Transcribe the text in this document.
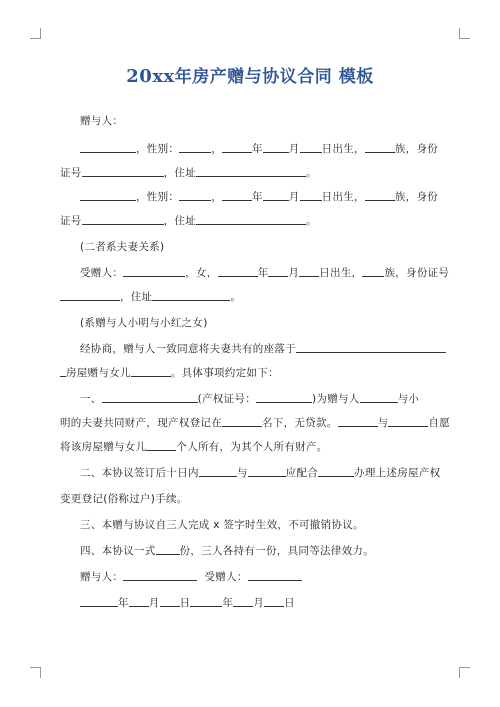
20xx年房产赠与协议合同 模板
赠与人：
，性别：	，	年 月 日出生，	族，身份
证号	，住址	。
，性别：	，	年 月 日出生，	族，身份
证号	，住址	。
(二者系夫妻关系)
受赠人：	，女，	年 月 日出生， 族，身份证号
，住址	。
(系赠与人小明与小红之女)
经协商，赠与人一致同意将夫妻共有的座落于
房屋赠与女儿	。具体事项约定如下：
一、	(产权证号：	)为赠与人	与小
明的夫妻共同财产，现产权登记在	名下，无贷款。	与	自愿
将该房屋赠与女儿	个人所有，为其个人所有财产。
二、本协议签订后十日内	与	应配合	办理上述房屋产权
变更登记(俗称过户)手续。
三、本赠与协议自三人完成 x 签字时生效，不可撤销协议。
四、本协议一式 份，三人各持有一份，具同等法律效力。
赠与人：	受赠人：
年 月 日	年 月 日
